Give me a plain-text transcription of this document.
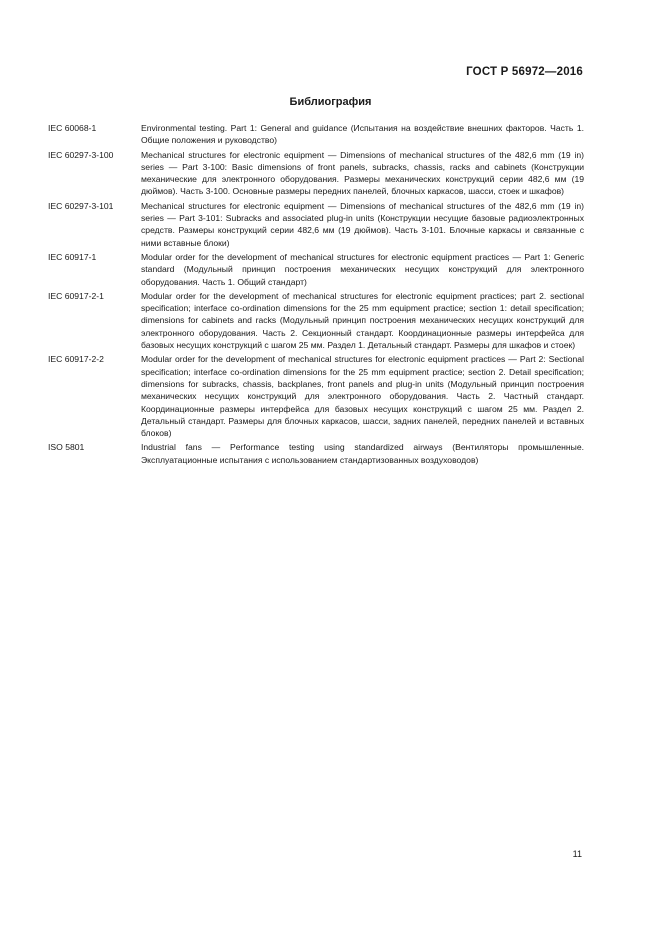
ГОСТ Р 56972—2016
Библиография
IEC 60068-1	Environmental testing. Part 1: General and guidance (Испытания на воздействие внешних факторов. Часть 1. Общие положения и руководство)
IEC 60297-3-100	Mechanical structures for electronic equipment — Dimensions of mechanical structures of the 482,6 mm (19 in) series — Part 3-100: Basic dimensions of front panels, subracks, chassis, racks and cabinets (Конструкции механические для электронного оборудования. Размеры механических конструкций серии 482,6 мм (19 дюймов). Часть 3-100. Основные размеры передних панелей, блочных каркасов, шасси, стоек и шкафов)
IEC 60297-3-101	Mechanical structures for electronic equipment — Dimensions of mechanical structures of the 482,6 mm (19 in) series — Part 3-101: Subracks and associated plug-in units (Конструкции несущие базовые радиоэлектронных средств. Размеры конструкций серии 482,6 мм (19 дюймов). Часть 3-101. Блочные каркасы и связанные с ними вставные блоки)
IEC 60917-1	Modular order for the development of mechanical structures for electronic equipment practices — Part 1: Generic standard (Модульный принцип построения механических несущих конструкций для электронного оборудования. Часть 1. Общий стандарт)
IEC 60917-2-1	Modular order for the development of mechanical structures for electronic equipment practices; part 2. sectional specification; interface co-ordination dimensions for the 25 mm equipment practice; section 1: detail specification; dimensions for cabinets and racks (Модульный принцип построения механических несущих конструкций для электронного оборудования. Часть 2. Секционный стандарт. Координационные размеры интерфейса для базовых несущих конструкций с шагом 25 мм. Раздел 1. Детальный стандарт. Размеры для шкафов и стоек)
IEC 60917-2-2	Modular order for the development of mechanical structures for electronic equipment practices — Part 2: Sectional specification; interface co-ordination dimensions for the 25 mm equipment practice; section 2. Detail specification; dimensions for subracks, chassis, backplanes, front panels and plug-in units (Модульный принцип построения механических несущих конструкций для электронного оборудования. Часть 2. Частный стандарт. Координационные размеры интерфейса для базовых несущих конструкций с шагом 25 мм. Раздел 2. Детальный стандарт. Размеры для блочных каркасов, шасси, задних панелей, передних панелей и вставных блоков)
ISO 5801	Industrial fans — Performance testing using standardized airways (Вентиляторы промышленные. Эксплуатационные испытания с использованием стандартизованных воздуховодов)
11
